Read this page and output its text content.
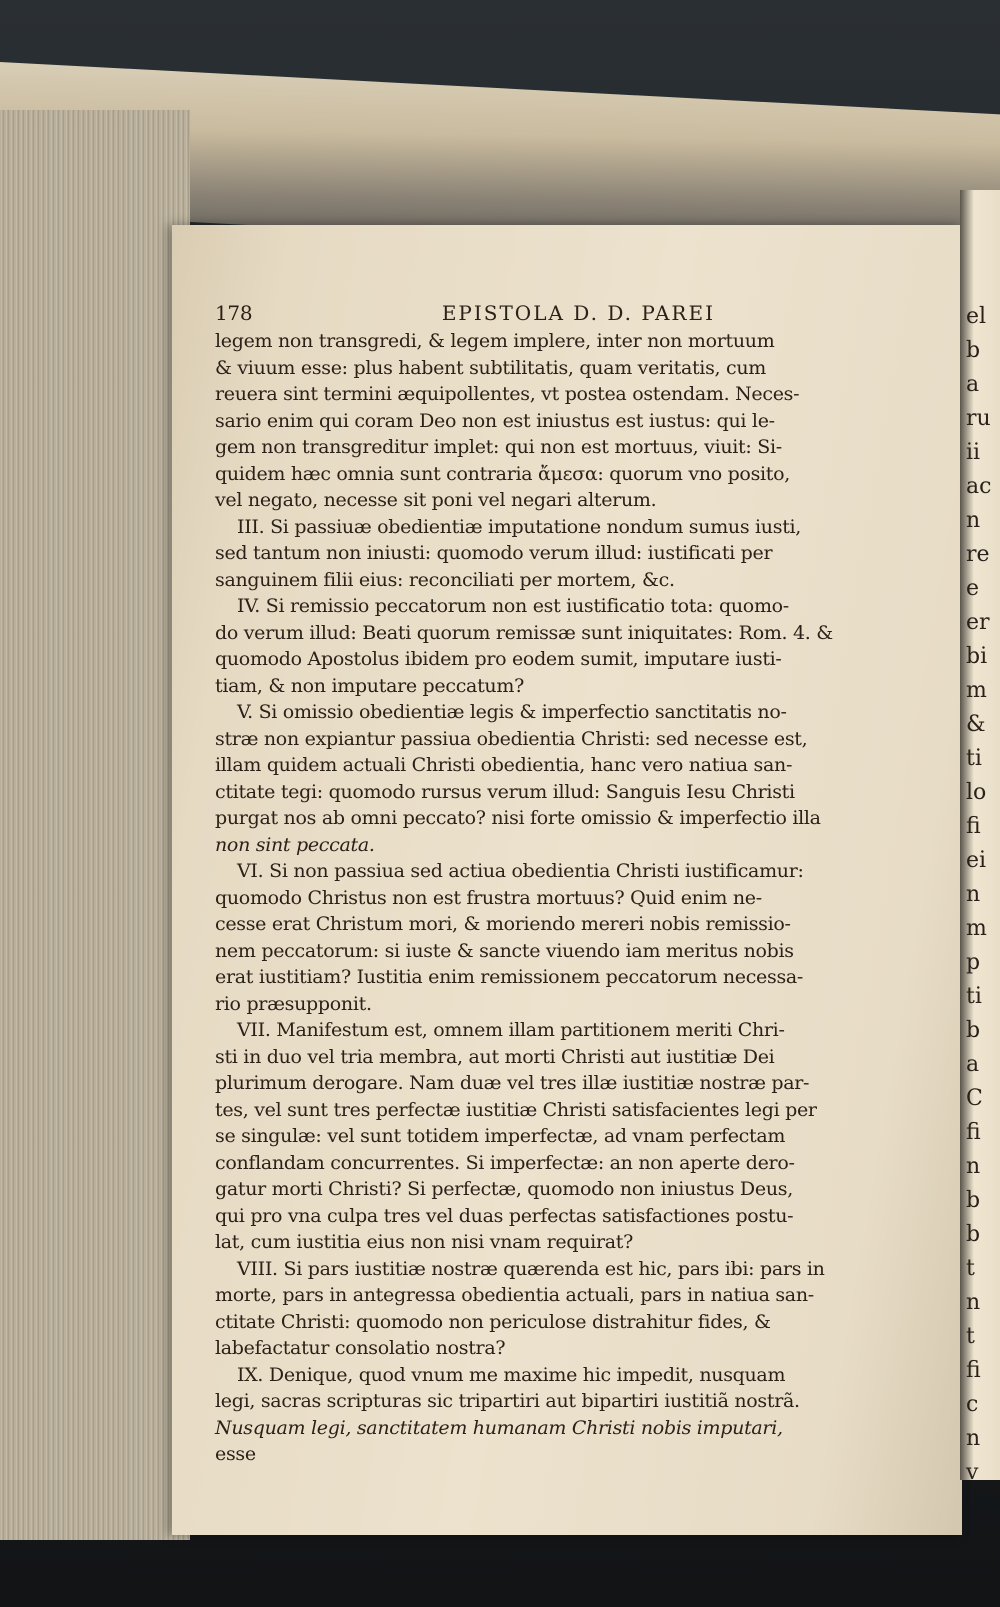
el
b
a
ru
ii
ac
n
re
e
er
bi
m
&
ti
lo
fi
ei
n
m
p
ti
b
a
C
fi
n
b
b
t
n
t
fi
c
n
v
178	EPISTOLA D. D. PAREI
legem non transgredi, & legem implere, inter non mortuum
& viuum esse: plus habent subtilitatis, quam veritatis, cum
reuera sint termini æquipollentes, vt postea ostendam. Neces-
sario enim qui coram Deo non est iniustus est iustus: qui le-
gem non transgreditur implet: qui non est mortuus, viuit: Si-
quidem hæc omnia sunt contraria ἄμεσα: quorum vno posito,
vel negato, necesse sit poni vel negari alterum.
III. Si passiuæ obedientiæ imputatione nondum sumus iusti,
sed tantum non iniusti: quomodo verum illud: iustificati per
sanguinem filii eius: reconciliati per mortem, &c.
IV. Si remissio peccatorum non est iustificatio tota: quomo-
do verum illud: Beati quorum remissæ sunt iniquitates: Rom. 4. &
quomodo Apostolus ibidem pro eodem sumit, imputare iusti-
tiam, & non imputare peccatum?
V. Si omissio obedientiæ legis & imperfectio sanctitatis no-
stræ non expiantur passiua obedientia Christi: sed necesse est,
illam quidem actuali Christi obedientia, hanc vero natiua san-
ctitate tegi: quomodo rursus verum illud: Sanguis Iesu Christi
purgat nos ab omni peccato? nisi forte omissio & imperfectio illa
non sint peccata.
VI. Si non passiua sed actiua obedientia Christi iustificamur:
quomodo Christus non est frustra mortuus? Quid enim ne-
cesse erat Christum mori, & moriendo mereri nobis remissio-
nem peccatorum: si iuste & sancte viuendo iam meritus nobis
erat iustitiam? Iustitia enim remissionem peccatorum necessa-
rio præsupponit.
VII. Manifestum est, omnem illam partitionem meriti Chri-
sti in duo vel tria membra, aut morti Christi aut iustitiæ Dei
plurimum derogare. Nam duæ vel tres illæ iustitiæ nostræ par-
tes, vel sunt tres perfectæ iustitiæ Christi satisfacientes legi per
se singulæ: vel sunt totidem imperfectæ, ad vnam perfectam
conflandam concurrentes. Si imperfectæ: an non aperte dero-
gatur morti Christi? Si perfectæ, quomodo non iniustus Deus,
qui pro vna culpa tres vel duas perfectas satisfactiones postu-
lat, cum iustitia eius non nisi vnam requirat?
VIII. Si pars iustitiæ nostræ quærenda est hic, pars ibi: pars in
morte, pars in antegressa obedientia actuali, pars in natiua san-
ctitate Christi: quomodo non periculose distrahitur fides, &
labefactatur consolatio nostra?
IX. Denique, quod vnum me maxime hic impedit, nusquam
legi, sacras scripturas sic tripartiri aut bipartiri iustitiã nostrã.
Nusquam legi, sanctitatem humanam Christi nobis imputari,
esse
